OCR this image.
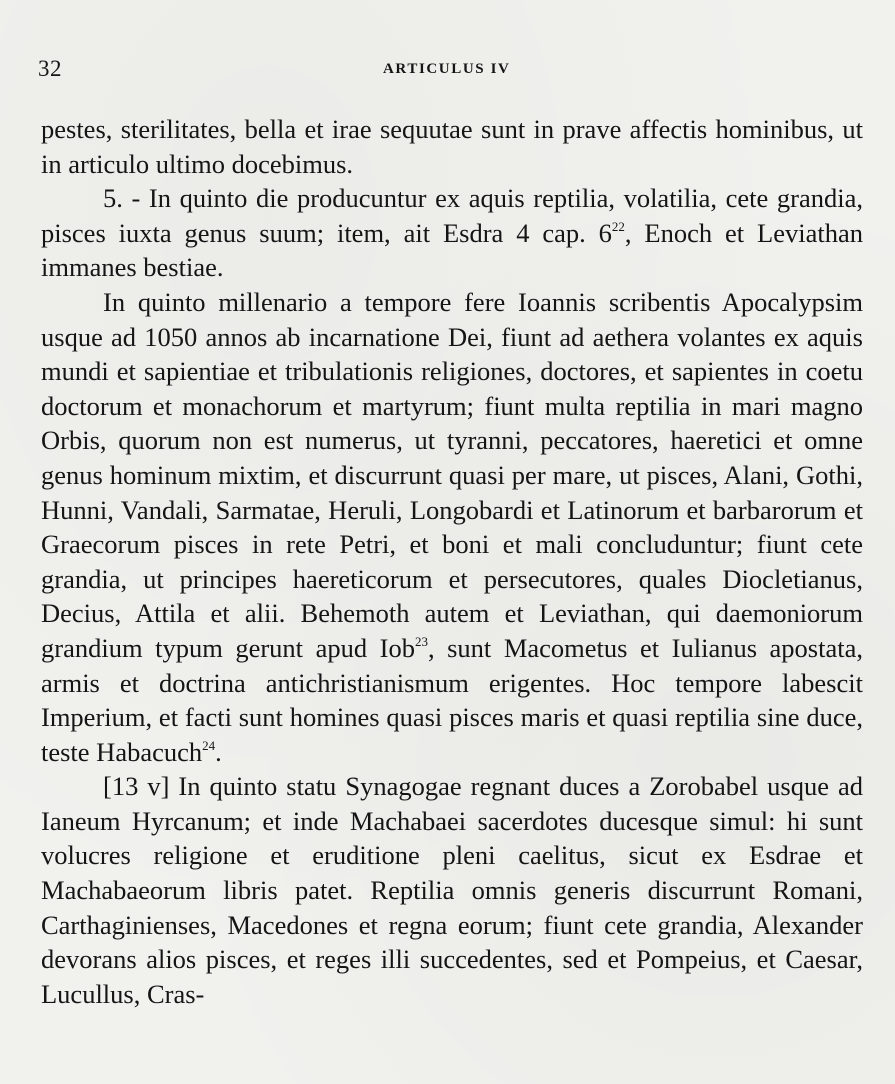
32	ARTICULUS IV

pestes, sterilitates, bella et irae sequutae sunt in prave affectis hominibus, ut in articulo ultimo docebimus.

5. - In quinto die producuntur ex aquis reptilia, volatilia, cete grandia, pisces iuxta genus suum; item, ait Esdra 4 cap. 6$^{22}$, Enoch et Leviathan immanes bestiae.

In quinto millenario a tempore fere Ioannis scribentis Apocalypsim usque ad 1050 annos ab incarnatione Dei, fiunt ad aethera volantes ex aquis mundi et sapientiae et tribulationis religiones, doctores, et sapientes in coetu doctorum et monachorum et martyrum; fiunt multa reptilia in mari magno Orbis, quorum non est numerus, ut tyranni, peccatores, haeretici et omne genus hominum mixtim, et discurrunt quasi per mare, ut pisces, Alani, Gothi, Hunni, Vandali, Sarmatae, Heruli, Longobardi et Latinorum et barbarorum et Graecorum pisces in rete Petri, et boni et mali concluduntur; fiunt cete grandia, ut principes haereticorum et persecutores, quales Diocletianus, Decius, Attila et alii. Behemoth autem et Leviathan, qui daemoniorum grandium typum gerunt apud Iob$^{23}$, sunt Macometus et Iulianus apostata, armis et doctrina antichristianismum erigentes. Hoc tempore labescit Imperium, et facti sunt homines quasi pisces maris et quasi reptilia sine duce, teste Habacuch$^{24}$.

[13 v] In quinto statu Synagogae regnant duces a Zorobabel usque ad Ianeum Hyrcanum; et inde Machabaei sacerdotes ducesque simul: hi sunt volucres religione et eruditione pleni caelitus, sicut ex Esdrae et Machabaeorum libris patet. Reptilia omnis generis discurrunt Romani, Carthaginienses, Macedones et regna eorum; fiunt cete grandia, Alexander devorans alios pisces, et reges illi succedentes, sed et Pompeius, et Caesar, Lucullus, Cras-
